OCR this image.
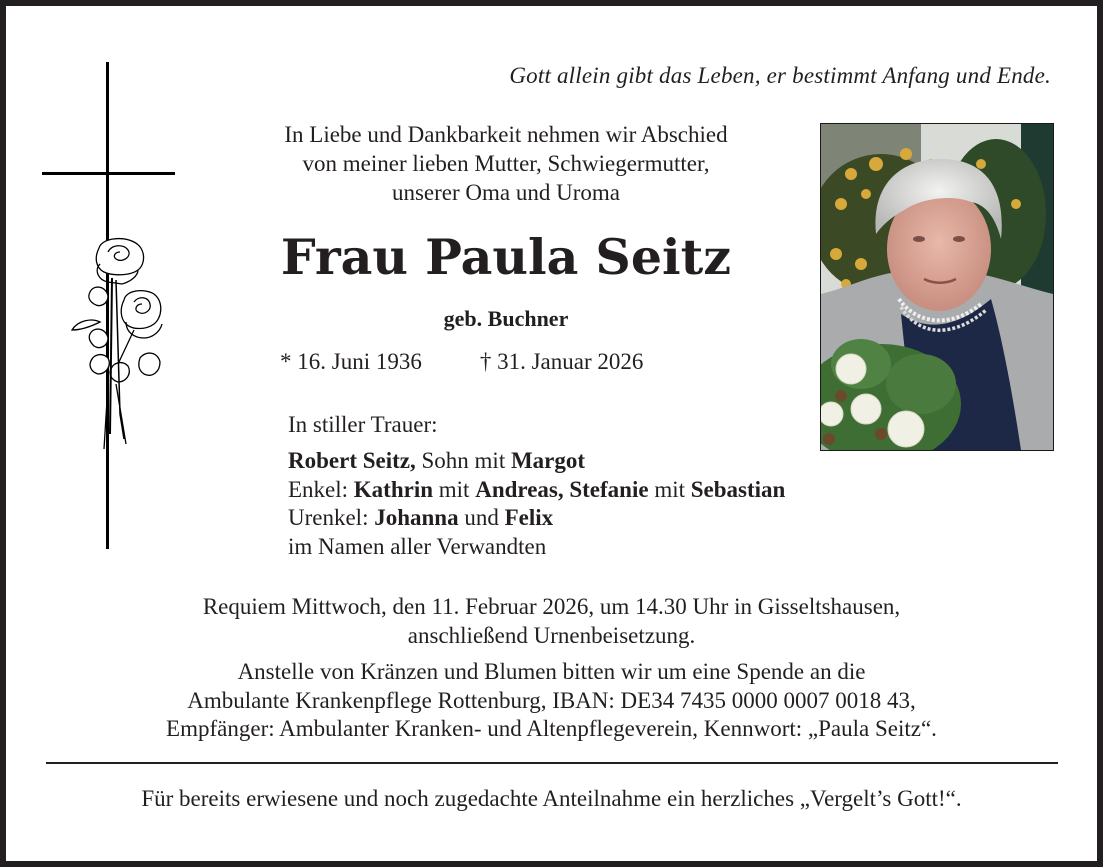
Gott allein gibt das Leben, er bestimmt Anfang und Ende.
In Liebe und Dankbarkeit nehmen wir Abschied
von meiner lieben Mutter, Schwiegermutter,
unserer Oma und Uroma
Frau Paula Seitz
geb. Buchner
* 16. Juni 1936	† 31. Januar 2026
In stiller Trauer:
Robert Seitz, Sohn mit Margot
Enkel: Kathrin mit Andreas, Stefanie mit Sebastian
Urenkel: Johanna und Felix
im Namen aller Verwandten
Requiem Mittwoch, den 11. Februar 2026, um 14.30 Uhr in Gisseltshausen,
anschließend Urnenbeisetzung.
Anstelle von Kränzen und Blumen bitten wir um eine Spende an die
Ambulante Krankenpflege Rottenburg, IBAN: DE34 7435 0000 0007 0018 43,
Empfänger: Ambulanter Kranken- und Altenpflegeverein, Kennwort: „Paula Seitz“.
Für bereits erwiesene und noch zugedachte Anteilnahme ein herzliches „Vergelt’s Gott!“.
